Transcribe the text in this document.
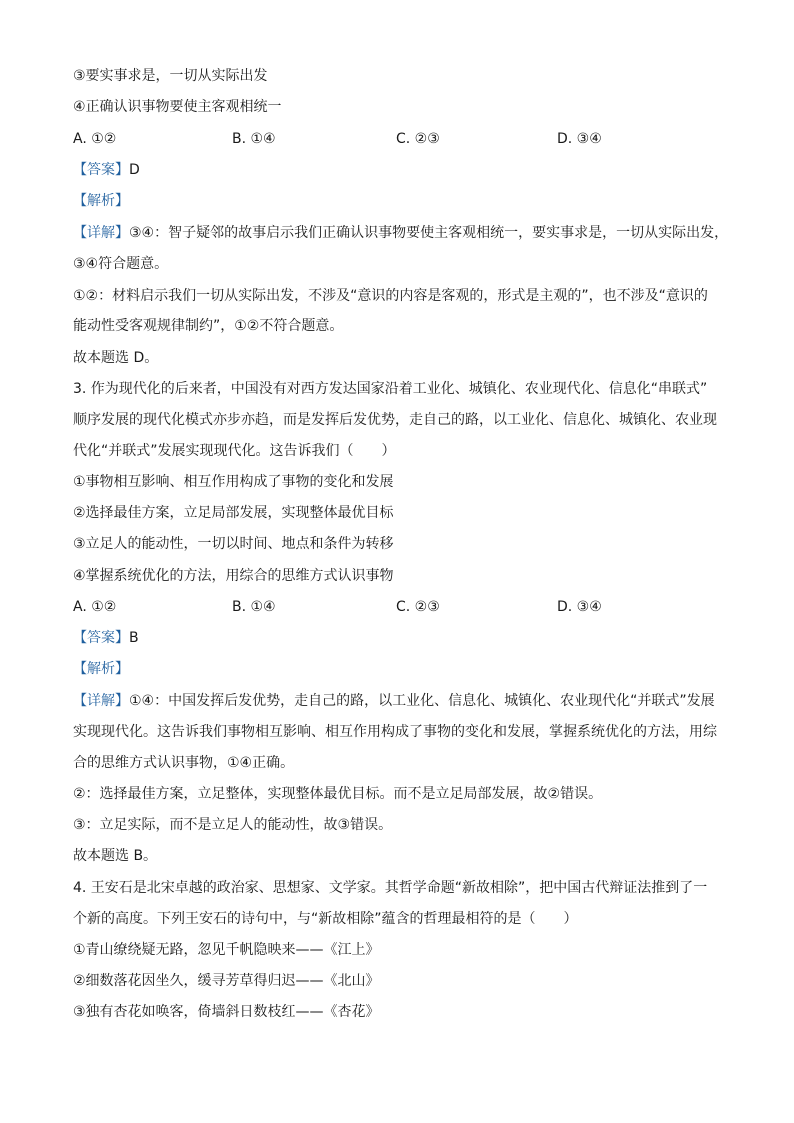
③要实事求是，一切从实际出发
④正确认识事物要使主客观相统一
A. ①②	B. ①④	C. ②③	D. ③④
【答案】D
【解析】
【详解】③④：智子疑邻的故事启示我们正确认识事物要使主客观相统一，要实事求是，一切从实际出发，
③④符合题意。
①②：材料启示我们一切从实际出发，不涉及“意识的内容是客观的，形式是主观的”，也不涉及“意识的
能动性受客观规律制约”，①②不符合题意。
故本题选 D。
3. 作为现代化的后来者，中国没有对西方发达国家沿着工业化、城镇化、农业现代化、信息化“串联式”
顺序发展的现代化模式亦步亦趋，而是发挥后发优势，走自己的路，以工业化、信息化、城镇化、农业现
代化“并联式”发展实现现代化。这告诉我们（　　）
①事物相互影响、相互作用构成了事物的变化和发展
②选择最佳方案，立足局部发展，实现整体最优目标
③立足人的能动性，一切以时间、地点和条件为转移
④掌握系统优化的方法，用综合的思维方式认识事物
A. ①②	B. ①④	C. ②③	D. ③④
【答案】B
【解析】
【详解】①④：中国发挥后发优势，走自己的路，以工业化、信息化、城镇化、农业现代化“并联式”发展
实现现代化。这告诉我们事物相互影响、相互作用构成了事物的变化和发展，掌握系统优化的方法，用综
合的思维方式认识事物，①④正确。
②：选择最佳方案，立足整体，实现整体最优目标。而不是立足局部发展，故②错误。
③：立足实际，而不是立足人的能动性，故③错误。
故本题选 B。
4. 王安石是北宋卓越的政治家、思想家、文学家。其哲学命题“新故相除”，把中国古代辩证法推到了一
个新的高度。下列王安石的诗句中，与“新故相除”蕴含的哲理最相符的是（　　）
①青山缭绕疑无路，忽见千帆隐映来——《江上》
②细数落花因坐久，缓寻芳草得归迟——《北山》
③独有杏花如唤客，倚墙斜日数枝红——《杏花》
